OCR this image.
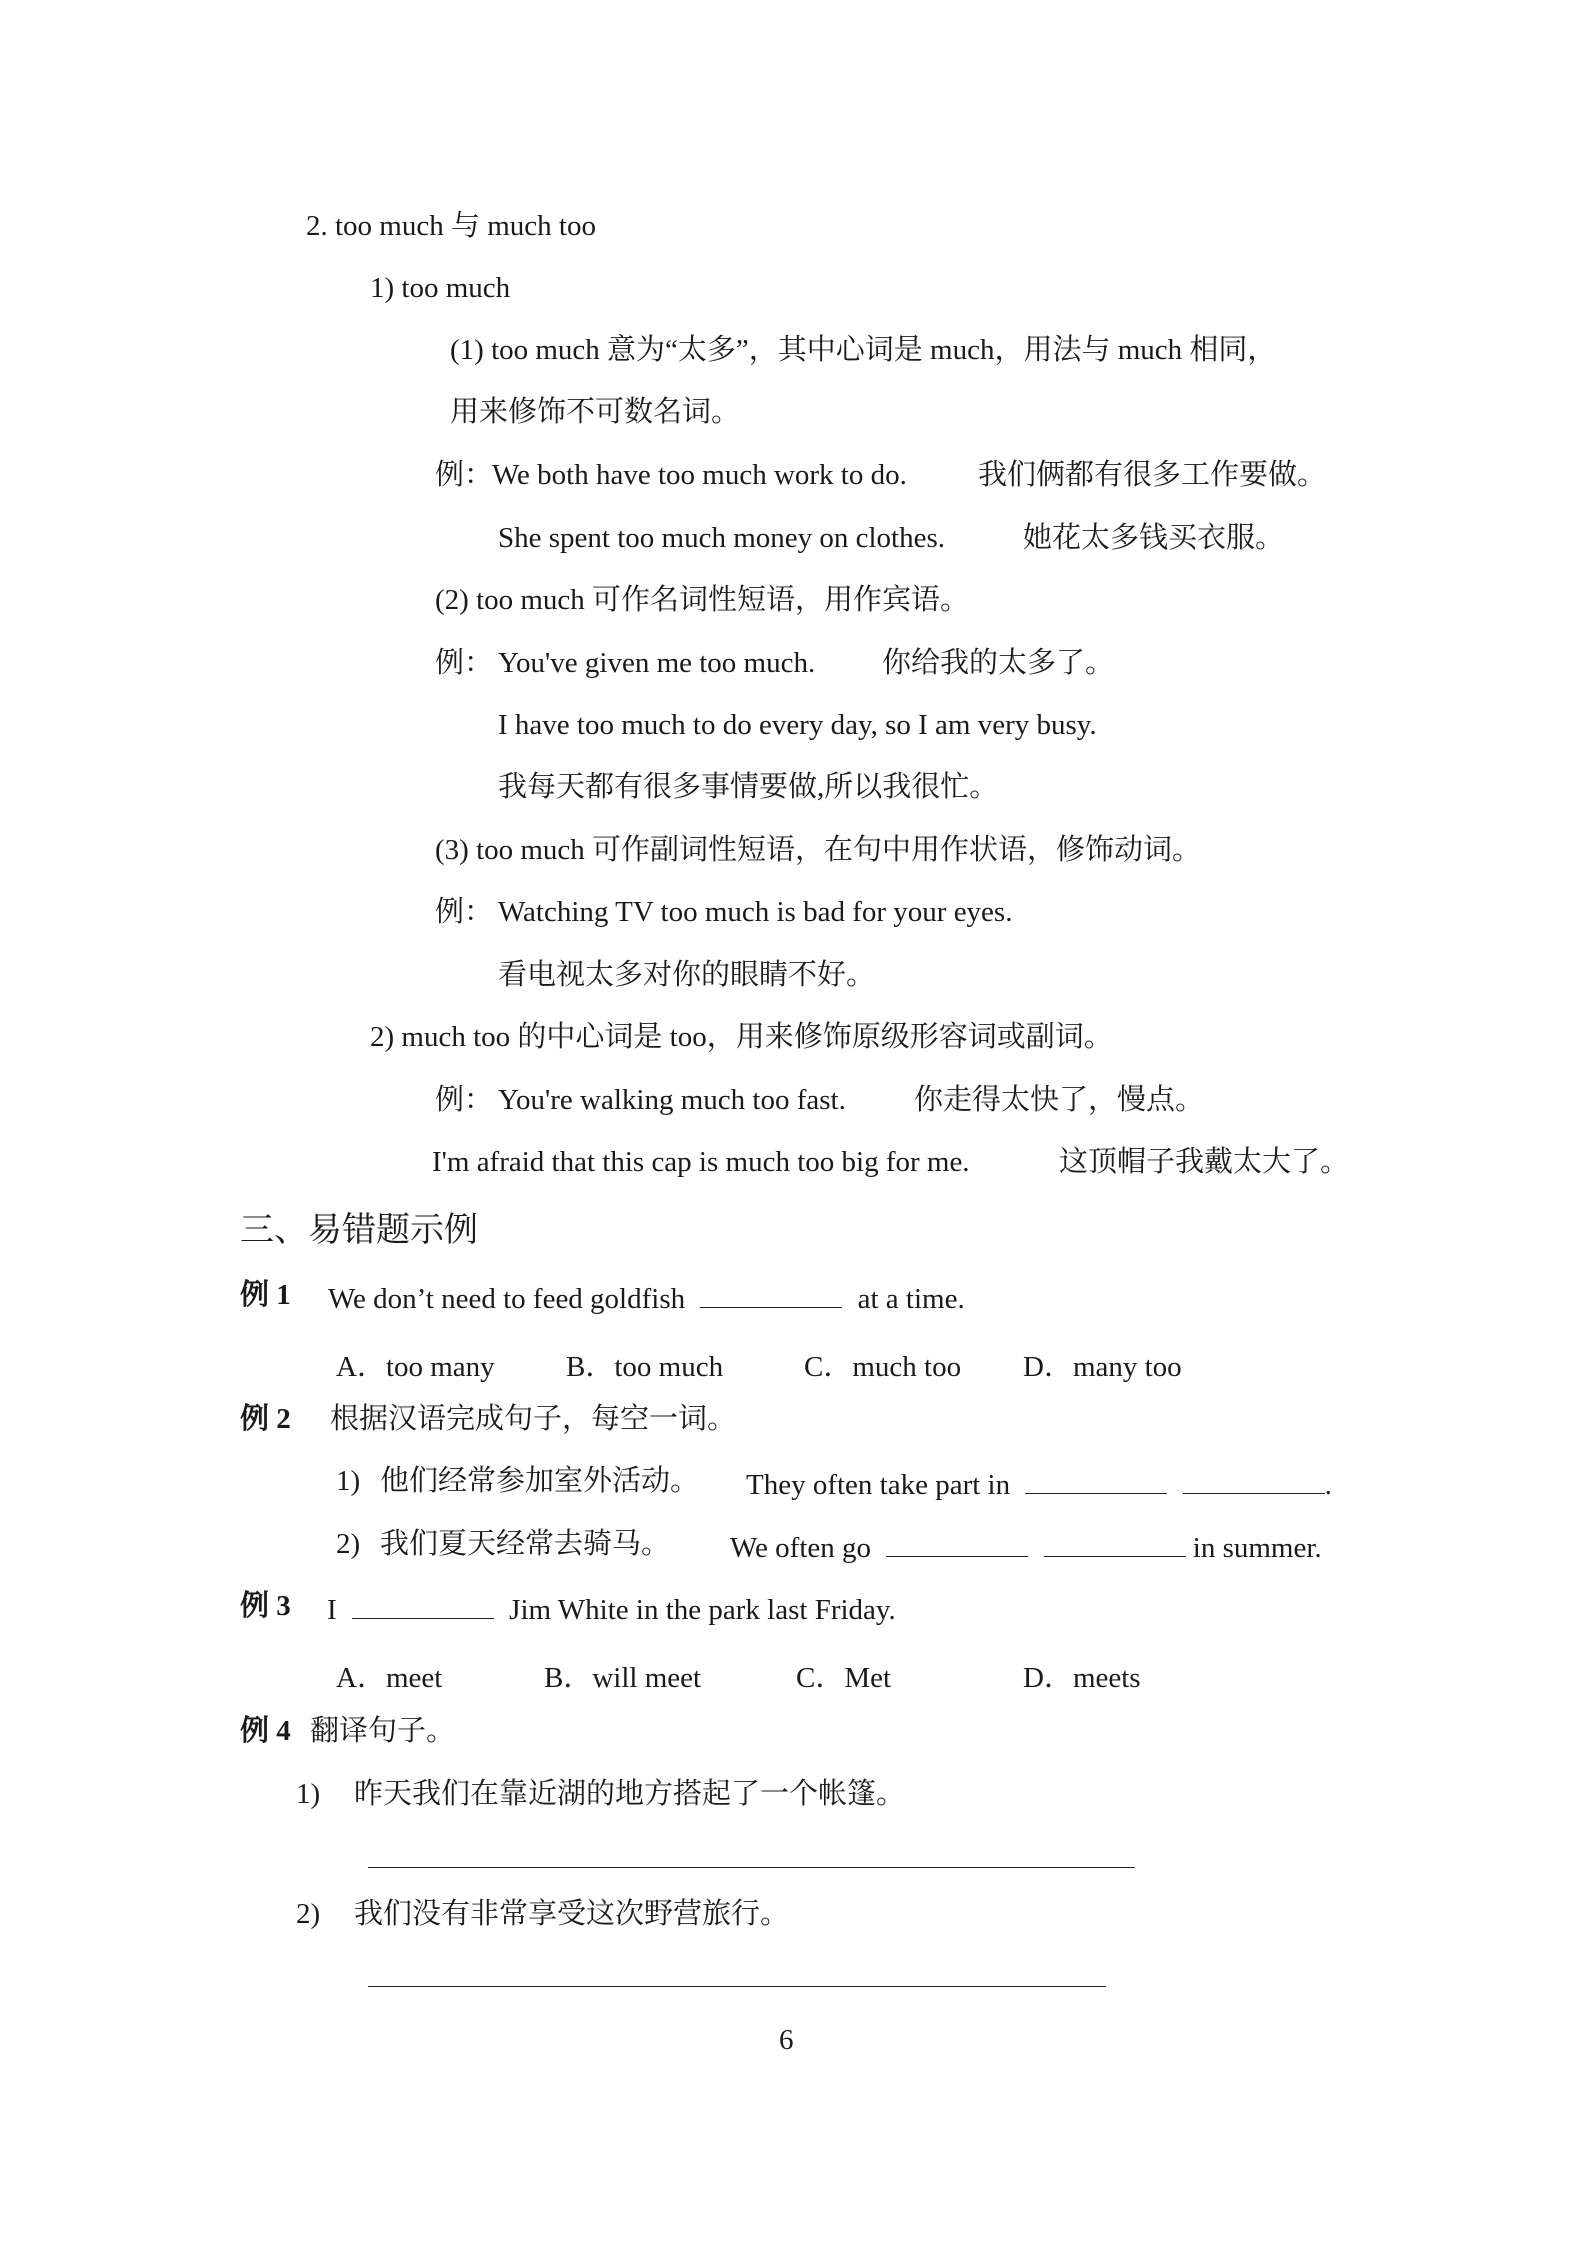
2. too much 与 much too
1) too much
(1) too much 意为“太多”，其中心词是 much，用法与 much 相同，
用来修饰不可数名词。
例：
We both have too much work to do. 我们俩都有很多工作要做。
She spent too much money on clothes.	她花太多钱买衣服。
(2) too much 可作名词性短语，用作宾语。
例： You've given me too much. 你给我的太多了。
I have too much to do every day, so I am very busy.
我每天都有很多事情要做,所以我很忙。
(3) too much 可作副词性短语，在句中用作状语，修饰动词。
例： Watching TV too much is bad for your eyes.
看电视太多对你的眼睛不好。
2) much too 的中心词是 too，用来修饰原级形容词或副词。
例： You're walking much too fast. 你走得太快了，慢点。
I'm afraid that this cap is much too big for me.	这顶帽子我戴太大了。
三、易错题示例
例 1 We don’t need to feed goldfish	at a time.
A．too many B．too much	C．much too D．many too
例 2 根据汉语完成句子，每空一词。
1) 他们经常参加室外活动。 They often take part in	.
2) 我们夏天经常去骑马。 We often go	in summer.
例 3 I	Jim White in the park last Friday.
A．meet	B．will meet	C．Met	D．meets
例 4 翻译句子。
1) 昨天我们在靠近湖的地方搭起了一个帐篷。
2) 我们没有非常享受这次野营旅行。
6
